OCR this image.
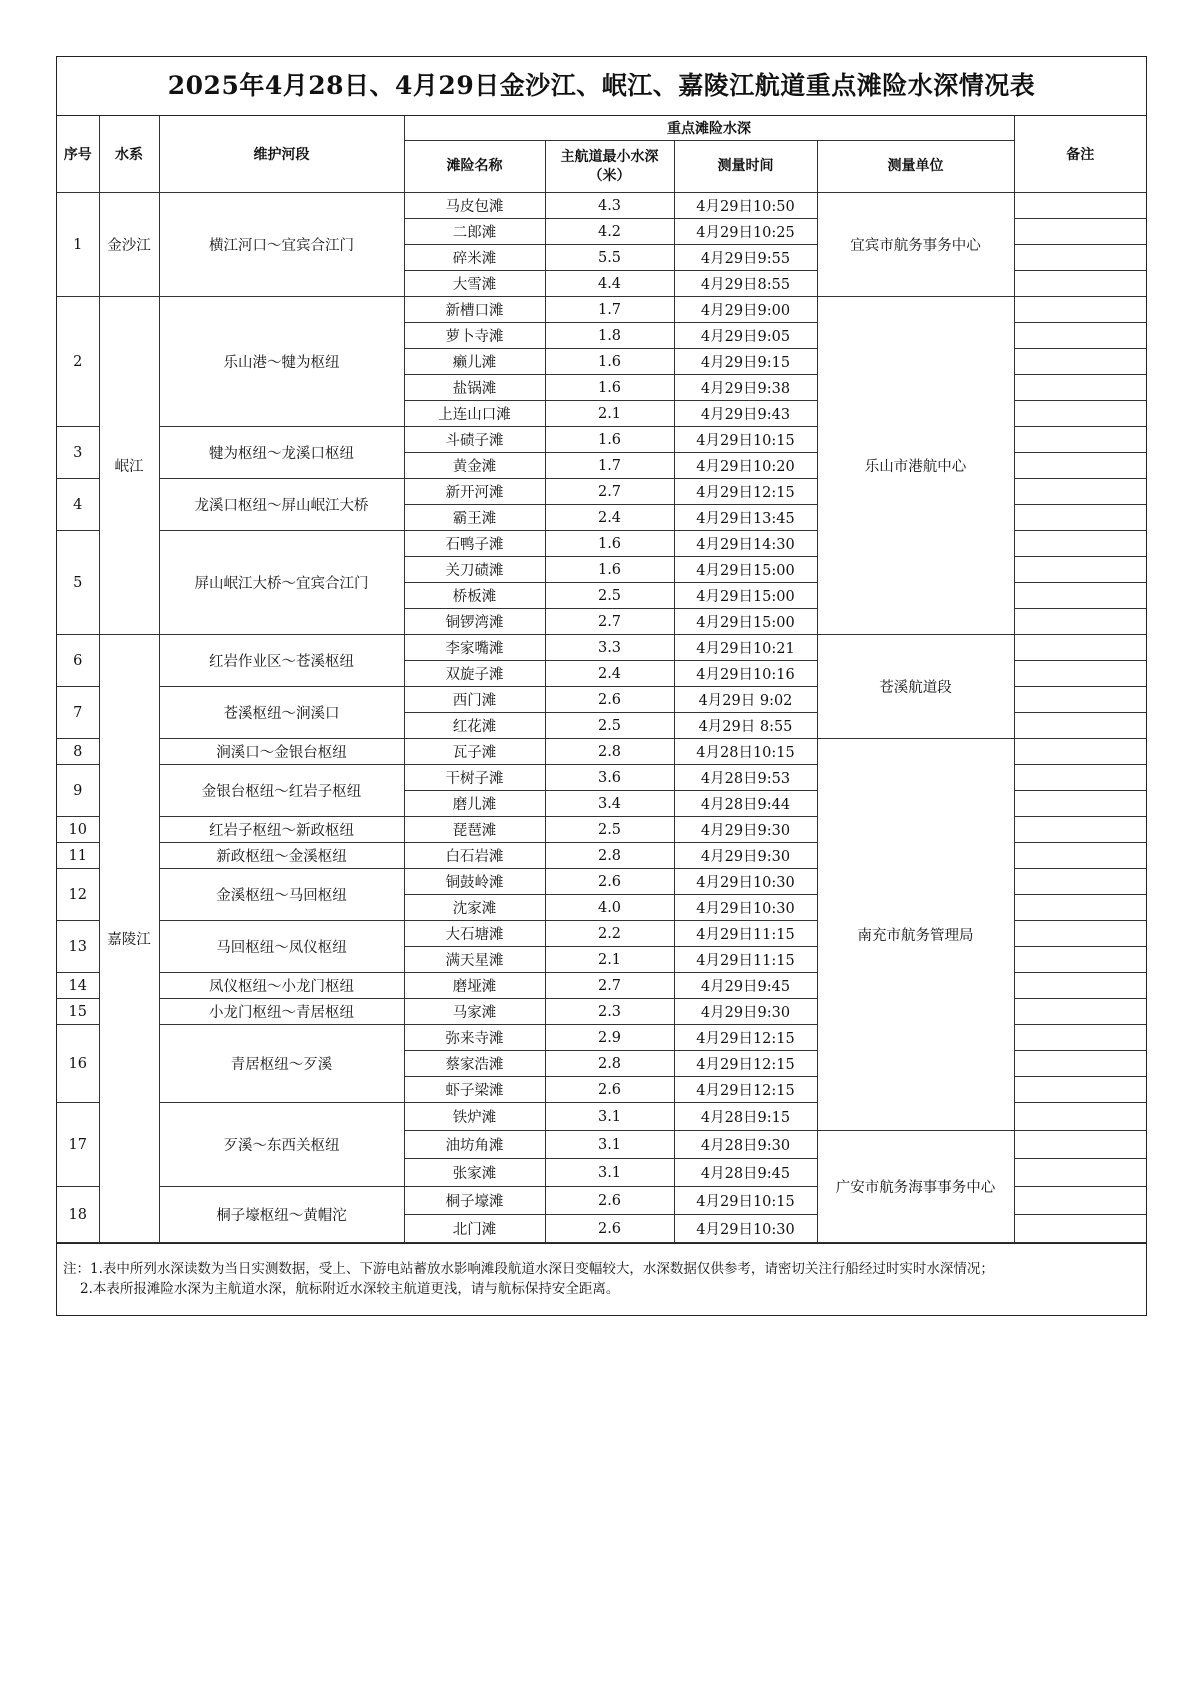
2025年4月28日、4月29日金沙江、岷江、嘉陵江航道重点滩险水深情况表
序号	水系	维护河段	重点滩险水深				备注
			滩险名称	主航道最小水深（米）	测量时间	测量单位	
1	金沙江	横江河口～宜宾合江门	马皮包滩	4.3	4月29日10:50	宜宾市航务事务中心	
			二郎滩	4.2	4月29日10:25		
			碎米滩	5.5	4月29日9:55		
			大雪滩	4.4	4月29日8:55		
2	岷江	乐山港～犍为枢纽	新槽口滩	1.7	4月29日9:00	乐山市港航中心	
			萝卜寺滩	1.8	4月29日9:05		
			癞儿滩	1.6	4月29日9:15		
			盐锅滩	1.6	4月29日9:38		
			上连山口滩	2.1	4月29日9:43		
3		犍为枢纽～龙溪口枢纽	斗碛子滩	1.6	4月29日10:15		
			黄金滩	1.7	4月29日10:20		
4		龙溪口枢纽～屏山岷江大桥	新开河滩	2.7	4月29日12:15		
			霸王滩	2.4	4月29日13:45		
5		屏山岷江大桥～宜宾合江门	石鸭子滩	1.6	4月29日14:30		
			关刀碛滩	1.6	4月29日15:00		
			桥板滩	2.5	4月29日15:00		
			铜锣湾滩	2.7	4月29日15:00		
6	嘉陵江	红岩作业区～苍溪枢纽	李家嘴滩	3.3	4月29日10:21	苍溪航道段	
			双旋子滩	2.4	4月29日10:16		
7		苍溪枢纽～涧溪口	西门滩	2.6	4月29日 9:02		
			红花滩	2.5	4月29日 8:55		
8		涧溪口～金银台枢纽	瓦子滩	2.8	4月28日10:15	南充市航务管理局	
9		金银台枢纽～红岩子枢纽	干树子滩	3.6	4月28日9:53		
			磨儿滩	3.4	4月28日9:44		
10		红岩子枢纽～新政枢纽	琵琶滩	2.5	4月29日9:30		
11		新政枢纽～金溪枢纽	白石岩滩	2.8	4月29日9:30		
12		金溪枢纽～马回枢纽	铜鼓岭滩	2.6	4月29日10:30		
			沈家滩	4.0	4月29日10:30		
13		马回枢纽～凤仪枢纽	大石塘滩	2.2	4月29日11:15		
			满天星滩	2.1	4月29日11:15		
14		凤仪枢纽～小龙门枢纽	磨垭滩	2.7	4月29日9:45		
15		小龙门枢纽～青居枢纽	马家滩	2.3	4月29日9:30		
16		青居枢纽～歹溪	弥来寺滩	2.9	4月29日12:15		
			蔡家浩滩	2.8	4月29日12:15		
			虾子梁滩	2.6	4月29日12:15		
17		歹溪～东西关枢纽	铁炉滩	3.1	4月28日9:15		
			油坊角滩	3.1	4月28日9:30	广安市航务海事事务中心	
			张家滩	3.1	4月28日9:45		
18		桐子壕枢纽～黄帽沱	桐子壕滩	2.6	4月29日10:15		
			北门滩	2.6	4月29日10:30		
注：1.表中所列水深读数为当日实测数据，受上、下游电站蓄放水影响滩段航道水深日变幅较大，水深数据仅供参考，请密切关注行船经过时实时水深情况；
2.本表所报滩险水深为主航道水深，航标附近水深较主航道更浅，请与航标保持安全距离。
